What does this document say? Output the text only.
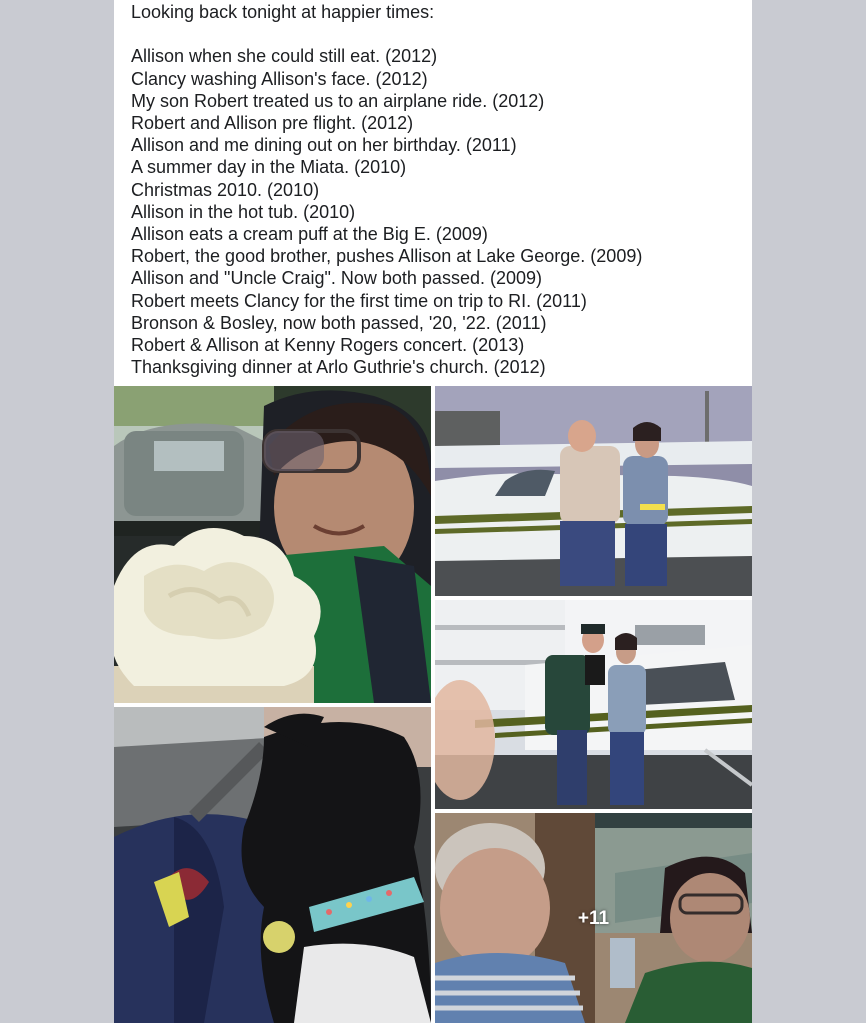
Looking back tonight at happier times:
Allison when she could still eat. (2012)
Clancy washing Allison's face. (2012)
My son Robert treated us to an airplane ride. (2012)
Robert and Allison pre flight. (2012)
Allison and me dining out on her birthday. (2011)
A summer day in the Miata. (2010)
Christmas 2010. (2010)
Allison in the hot tub. (2010)
Allison eats a cream puff at the Big E. (2009)
Robert, the good brother, pushes Allison at Lake George. (2009)
Allison and "Uncle Craig". Now both passed. (2009)
Robert meets Clancy for the first time on trip to RI. (2011)
Bronson & Bosley, now both passed, '20, '22. (2011)
Robert & Allison at Kenny Rogers concert. (2013)
Thanksgiving dinner at Arlo Guthrie's church. (2012)
+11
